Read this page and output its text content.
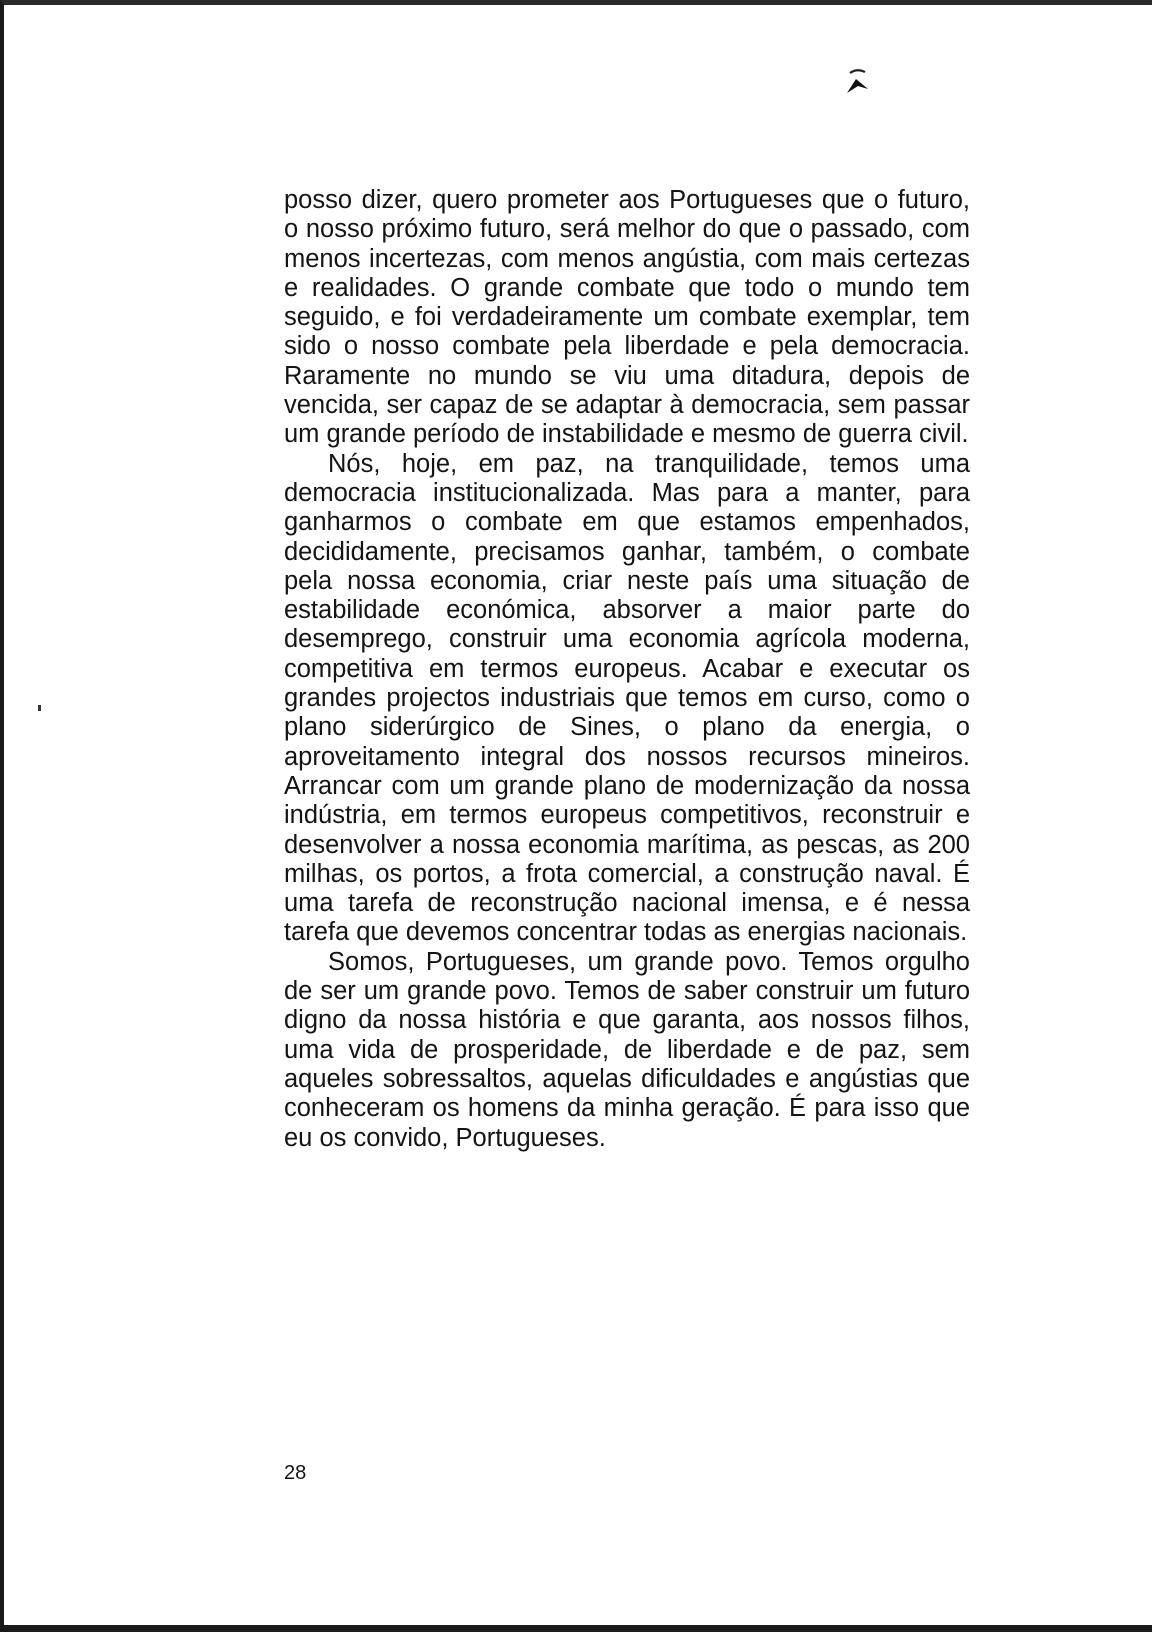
posso dizer, quero prometer aos Portugueses que o futuro, o nosso próximo futuro, será melhor do que o passado, com menos incertezas, com menos angústia, com mais certezas e realidades. O grande combate que todo o mundo tem seguido, e foi verdadeiramente um combate exemplar, tem sido o nosso combate pela liberdade e pela democracia. Raramente no mundo se viu uma ditadura, depois de vencida, ser capaz de se adaptar à democracia, sem passar um grande período de instabilidade e mesmo de guerra civil.

Nós, hoje, em paz, na tranquilidade, temos uma democracia institucionalizada. Mas para a manter, para ganharmos o combate em que estamos empenhados, decididamente, precisamos ganhar, também, o combate pela nossa economia, criar neste país uma situação de estabilidade económica, absorver a maior parte do desemprego, construir uma economia agrícola moderna, competitiva em termos europeus. Acabar e executar os grandes projectos industriais que temos em curso, como o plano siderúrgico de Sines, o plano da energia, o aproveitamento integral dos nossos recursos mineiros. Arrancar com um grande plano de modernização da nossa indústria, em termos europeus competitivos, reconstruir e desenvolver a nossa economia marítima, as pescas, as 200 milhas, os portos, a frota comercial, a construção naval. É uma tarefa de reconstrução nacional imensa, e é nessa tarefa que devemos concentrar todas as energias nacionais.

Somos, Portugueses, um grande povo. Temos orgulho de ser um grande povo. Temos de saber construir um futuro digno da nossa história e que garanta, aos nossos filhos, uma vida de prosperidade, de liberdade e de paz, sem aqueles sobressaltos, aquelas dificuldades e angústias que conheceram os homens da minha geração. É para isso que eu os convido, Portugueses.

28
